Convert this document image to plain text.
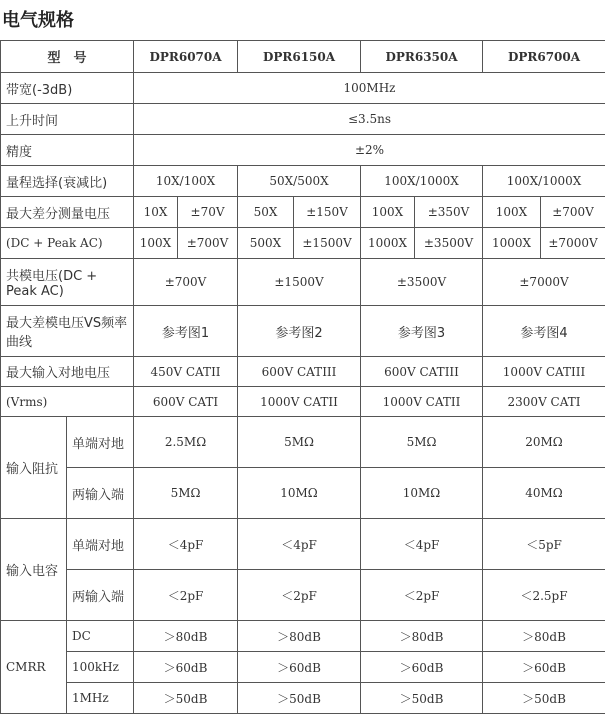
电气规格
型　号		DPR6070A		DPR6150A		DPR6350A		DPR6700A	
带宽(-3dB)		100MHz							
上升时间		≤3.5ns							
精度		±2%							
量程选择(衰减比)		10X/100X		50X/500X		100X/1000X		100X/1000X	
最大差分测量电压		10X	±70V	50X	±150V	100X	±350V	100X	±700V
(DC + Peak AC)		100X	±700V	500X	±1500V	1000X	±3500V	1000X	±7000V
共模电压(DC + Peak AC)		±700V		±1500V		±3500V		±7000V	
最大差模电压VS频率曲线		参考图1		参考图2		参考图3		参考图4	
最大输入对地电压		450V CATII		600V CATIII		600V CATIII		1000V CATIII	
(Vrms)		600V CATI		1000V CATII		1000V CATII		2300V CATI	
输入阻抗	单端对地	2.5MΩ		5MΩ		5MΩ		20MΩ	
	两输入端	5MΩ		10MΩ		10MΩ		40MΩ	
输入电容	单端对地	＜4pF		＜4pF		＜4pF		＜5pF	
	两输入端	＜2pF		＜2pF		＜2pF		＜2.5pF	
CMRR	DC	＞80dB		＞80dB		＞80dB		＞80dB	
	100kHz	＞60dB		＞60dB		＞60dB		＞60dB	
	1MHz	＞50dB		＞50dB		＞50dB		＞50dB	
